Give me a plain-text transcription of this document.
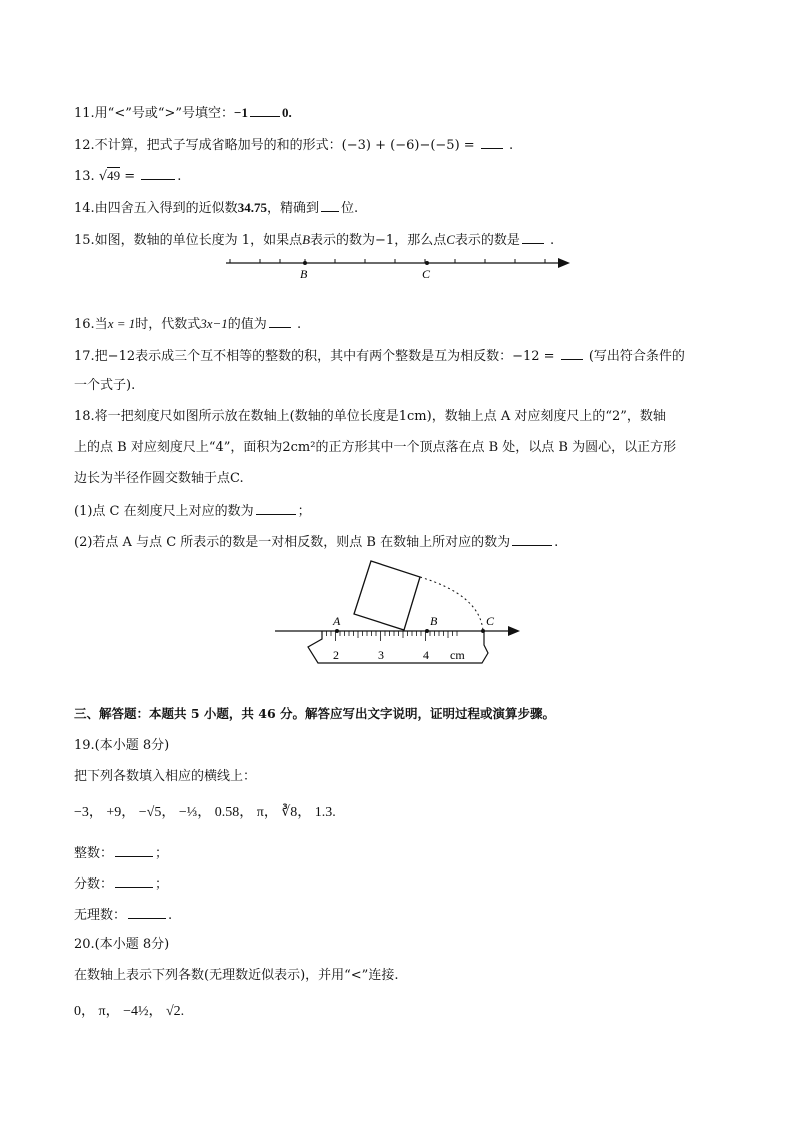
11.用“<”号或“>”号填空：−1	0.
12.不计算，把式子写成省略加号的和的形式：(−3) + (−6)−(−5) =  .
13. √49 =	.
14.由四舍五入得到的近似数34.75，精确到 位.
15.如图，数轴的单位长度为 1，如果点B表示的数为−1，那么点C表示的数是 .
B	C
16.当x = 1时，代数式3x−1的值为 .
17.把−12表示成三个互不相等的整数的积，其中有两个整数是互为相反数：−12 =  (写出符合条件的
一个式子).
18.将一把刻度尺如图所示放在数轴上(数轴的单位长度是1cm)，数轴上点 A 对应刻度尺上的“2”，数轴
上的点 B 对应刻度尺上“4”，面积为2cm²的正方形其中一个顶点落在点 B 处，以点 B 为圆心，以正方形
边长为半径作圆交数轴于点C.
(1)点 C 在刻度尺上对应的数为	；
(2)若点 A 与点 C 所表示的数是一对相反数，则点 B 在数轴上所对应的数为	.
A	B	C
2	3	4 cm
三、解答题：本题共 5 小题，共 46 分。解答应写出文字说明，证明过程或演算步骤。
19.(本小题 8分)
把下列各数填入相应的横线上：
−3， +9， −√5， −⅓， 0.58， π， ∛8， 1.3.
整数：	；
分数：	；
无理数：	.
20.(本小题 8分)
在数轴上表示下列各数(无理数近似表示)，并用“<”连接.
0， π， −4½， √2.
